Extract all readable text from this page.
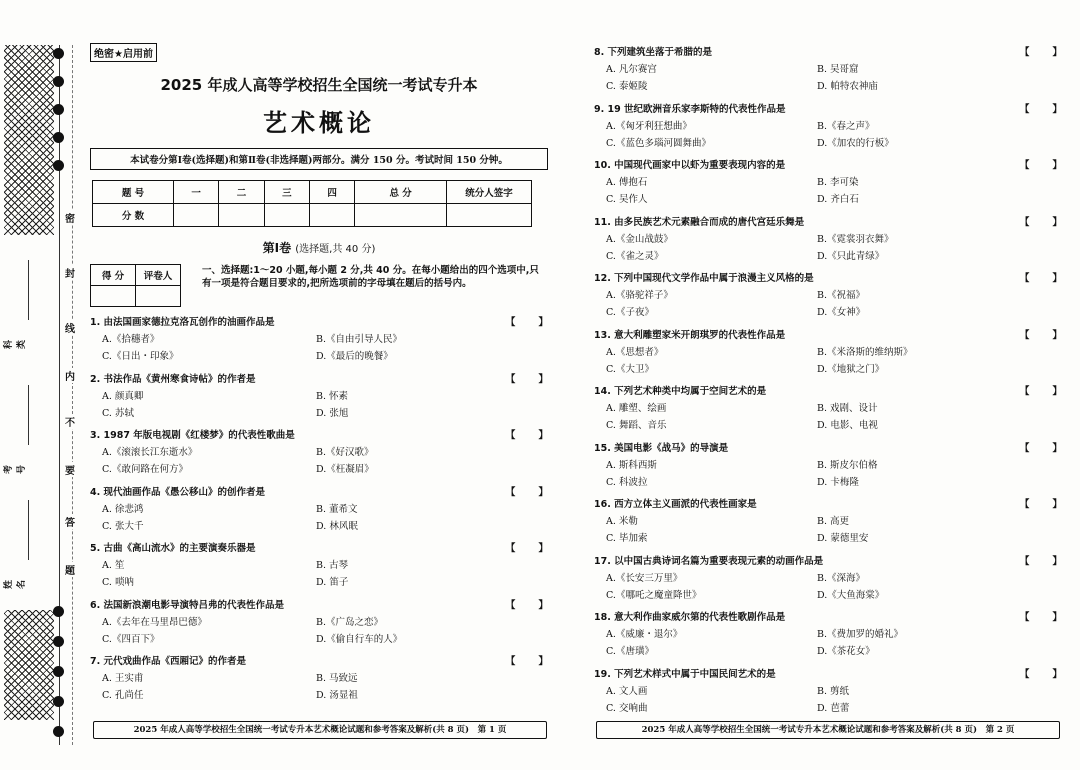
密
封
线
内
不
要
答
题
科类
考号
姓名
绝密★启用前
2025 年成人高等学校招生全国统一考试专升本
艺术概论
本试卷分第Ⅰ卷(选择题)和第Ⅱ卷(非选择题)两部分。满分 150 分。考试时间 150 分钟。
题 号	一	二	三	四	总 分	统分人签字
分 数						
第Ⅰ卷 (选择题,共 40 分)
得 分	评卷人

一、选择题:1～20 小题,每小题 2 分,共 40 分。在每小题给出的四个选项中,只有一项是符合题目要求的,把所选项前的字母填在题后的括号内。
1. 由法国画家德拉克洛瓦创作的油画作品是	【       】
A.《拾穗者》	B.《自由引导人民》
C.《日出・印象》	D.《最后的晚餐》
2. 书法作品《黄州寒食诗帖》的作者是	【       】
A. 颜真卿	B. 怀素
C. 苏轼	D. 张旭
3. 1987 年版电视剧《红楼梦》的代表性歌曲是	【       】
A.《滚滚长江东逝水》	B.《好汉歌》
C.《敢问路在何方》	D.《枉凝眉》
4. 现代油画作品《愚公移山》的创作者是	【       】
A. 徐悲鸿	B. 董希文
C. 张大千	D. 林风眠
5. 古曲《高山流水》的主要演奏乐器是	【       】
A. 笙	B. 古琴
C. 唢呐	D. 笛子
6. 法国新浪潮电影导演特吕弗的代表性作品是	【       】
A.《去年在马里昂巴德》	B.《广岛之恋》
C.《四百下》	D.《偷自行车的人》
7. 元代戏曲作品《西厢记》的作者是	【       】
A. 王实甫	B. 马致远
C. 孔尚任	D. 汤显祖
8. 下列建筑坐落于希腊的是	【       】
A. 凡尔赛宫	B. 吴哥窟
C. 泰姬陵	D. 帕特农神庙
9. 19 世纪欧洲音乐家李斯特的代表性作品是	【       】
A.《匈牙利狂想曲》	B.《春之声》
C.《蓝色多瑙河圆舞曲》	D.《加农的行板》
10. 中国现代画家中以虾为重要表现内容的是	【       】
A. 傅抱石	B. 李可染
C. 吴作人	D. 齐白石
11. 由多民族艺术元素融合而成的唐代宫廷乐舞是	【       】
A.《金山战鼓》	B.《霓裳羽衣舞》
C.《雀之灵》	D.《只此青绿》
12. 下列中国现代文学作品中属于浪漫主义风格的是	【       】
A.《骆驼祥子》	B.《祝福》
C.《子夜》	D.《女神》
13. 意大利雕塑家米开朗琪罗的代表性作品是	【       】
A.《思想者》	B.《米洛斯的维纳斯》
C.《大卫》	D.《地狱之门》
14. 下列艺术种类中均属于空间艺术的是	【       】
A. 雕塑、绘画	B. 戏剧、设计
C. 舞蹈、音乐	D. 电影、电视
15. 美国电影《战马》的导演是	【       】
A. 斯科西斯	B. 斯皮尔伯格
C. 科波拉	D. 卡梅隆
16. 西方立体主义画派的代表性画家是	【       】
A. 米勒	B. 高更
C. 毕加索	D. 蒙德里安
17. 以中国古典诗词名篇为重要表现元素的动画作品是	【       】
A.《长安三万里》	B.《深海》
C.《哪吒之魔童降世》	D.《大鱼海棠》
18. 意大利作曲家威尔第的代表性歌剧作品是	【       】
A.《威廉・退尔》	B.《费加罗的婚礼》
C.《唐璜》	D.《茶花女》
19. 下列艺术样式中属于中国民间艺术的是	【       】
A. 文人画	B. 剪纸
C. 交响曲	D. 芭蕾
2025 年成人高等学校招生全国统一考试专升本艺术概论试题和参考答案及解析(共 8 页)　第 1 页	2025 年成人高等学校招生全国统一考试专升本艺术概论试题和参考答案及解析(共 8 页)　第 2 页
